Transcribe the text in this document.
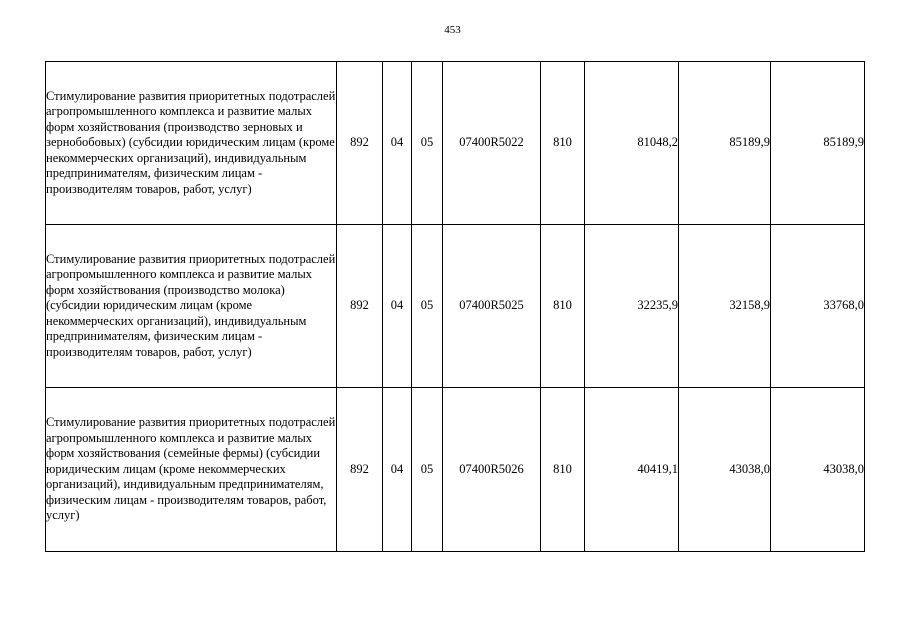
453
Стимулирование развития приоритетных подотраслей агропромышленного комплекса и развитие малых форм хозяйствования (производство зерновых и зернобобовых) (субсидии юридическим лицам (кроме некоммерческих организаций), индивидуальным предпринимателям, физическим лицам - производителям товаров, работ, услуг)	892	04	05	07400R5022	810	81048,2	85189,9	85189,9
Стимулирование развития приоритетных подотраслей агропромышленного комплекса и развитие малых форм хозяйствования (производство молока) (субсидии юридическим лицам (кроме некоммерческих организаций), индивидуальным предпринимателям, физическим лицам - производителям товаров, работ, услуг)	892	04	05	07400R5025	810	32235,9	32158,9	33768,0
Стимулирование развития приоритетных подотраслей агропромышленного комплекса и развитие малых форм хозяйствования (семейные фермы) (субсидии юридическим лицам (кроме некоммерческих организаций), индивидуальным предпринимателям, физическим лицам - производителям товаров, работ, услуг)	892	04	05	07400R5026	810	40419,1	43038,0	43038,0
